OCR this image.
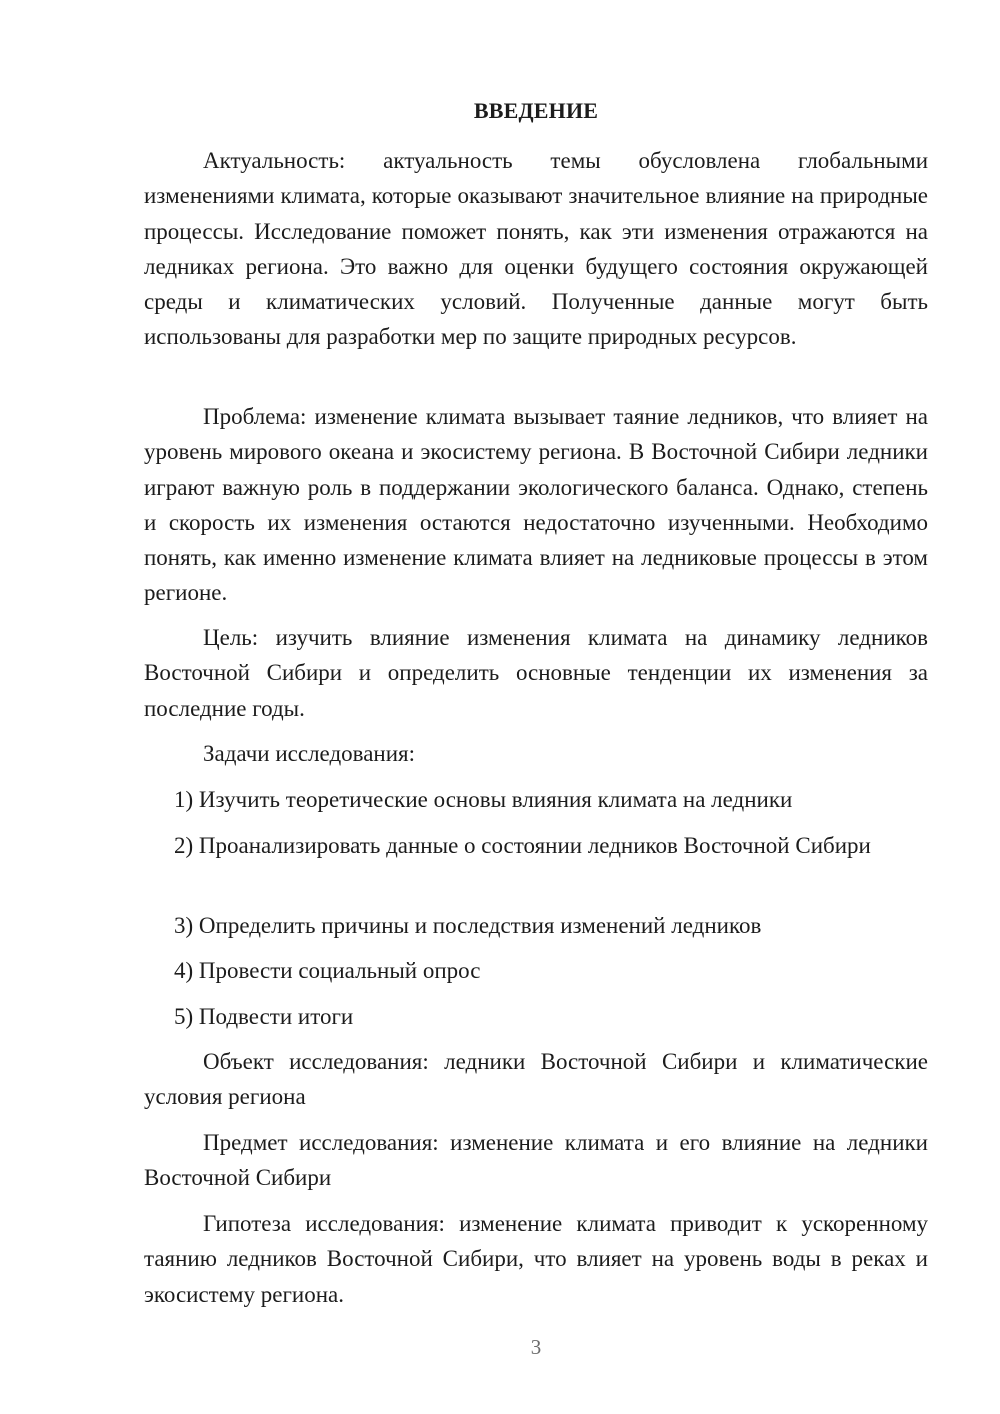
ВВЕДЕНИЕ

Актуальность: актуальность темы обусловлена глобальными изменениями климата, которые оказывают значительное влияние на природные процессы. Исследование поможет понять, как эти изменения отражаются на ледниках региона. Это важно для оценки будущего состояния окружающей среды и климатических условий. Полученные данные могут быть использованы для разработки мер по защите природных ресурсов.

Проблема: изменение климата вызывает таяние ледников, что влияет на уровень мирового океана и экосистему региона. В Восточной Сибири ледники играют важную роль в поддержании экологического баланса. Однако, степень и скорость их изменения остаются недостаточно изученными. Необходимо понять, как именно изменение климата влияет на ледниковые процессы в этом регионе.

Цель: изучить влияние изменения климата на динамику ледников Восточной Сибири и определить основные тенденции их изменения за последние годы.

Задачи исследования:

1) Изучить теоретические основы влияния климата на ледники

2) Проанализировать данные о состоянии ледников Восточной Сибири

3) Определить причины и последствия изменений ледников

4) Провести социальный опрос

5) Подвести итоги

Объект исследования: ледники Восточной Сибири и климатические условия региона

Предмет исследования: изменение климата и его влияние на ледники Восточной Сибири

Гипотеза исследования: изменение климата приводит к ускоренному таянию ледников Восточной Сибири, что влияет на уровень воды в реках и экосистему региона.

3
